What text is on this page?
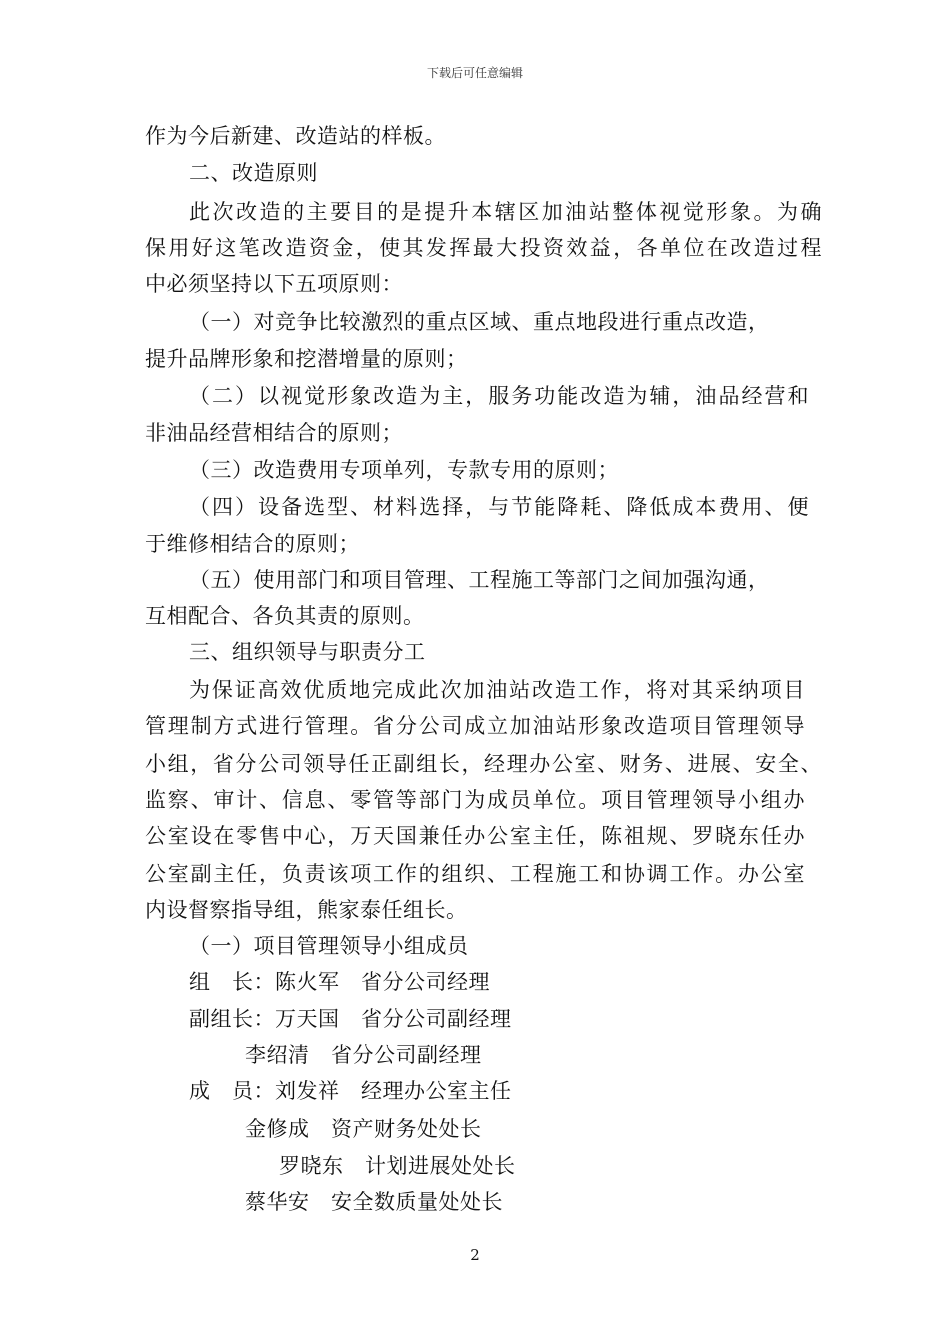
下载后可任意编辑
作为今后新建、改造站的样板。
二、改造原则
此次改造的主要目的是提升本辖区加油站整体视觉形象。为确
保用好这笔改造资金，使其发挥最大投资效益，各单位在改造过程
中必须坚持以下五项原则：
（一）对竞争比较激烈的重点区域、重点地段进行重点改造，
提升品牌形象和挖潜增量的原则；
（二）以视觉形象改造为主，服务功能改造为辅，油品经营和
非油品经营相结合的原则；
（三）改造费用专项单列，专款专用的原则；
（四）设备选型、材料选择，与节能降耗、降低成本费用、便
于维修相结合的原则；
（五）使用部门和项目管理、工程施工等部门之间加强沟通，
互相配合、各负其责的原则。
三、组织领导与职责分工
为保证高效优质地完成此次加油站改造工作，将对其采纳项目
管理制方式进行管理。省分公司成立加油站形象改造项目管理领导
小组，省分公司领导任正副组长，经理办公室、财务、进展、安全、
监察、审计、信息、零管等部门为成员单位。项目管理领导小组办
公室设在零售中心，万天国兼任办公室主任，陈祖规、罗晓东任办
公室副主任，负责该项工作的组织、工程施工和协调工作。办公室
内设督察指导组，熊家泰任组长。
（一）项目管理领导小组成员
组　长：陈火军　省分公司经理
副组长：万天国　省分公司副经理
李绍清　省分公司副经理
成　员：刘发祥　经理办公室主任
金修成　资产财务处处长
罗晓东　计划进展处处长
蔡华安　安全数质量处处长
2
